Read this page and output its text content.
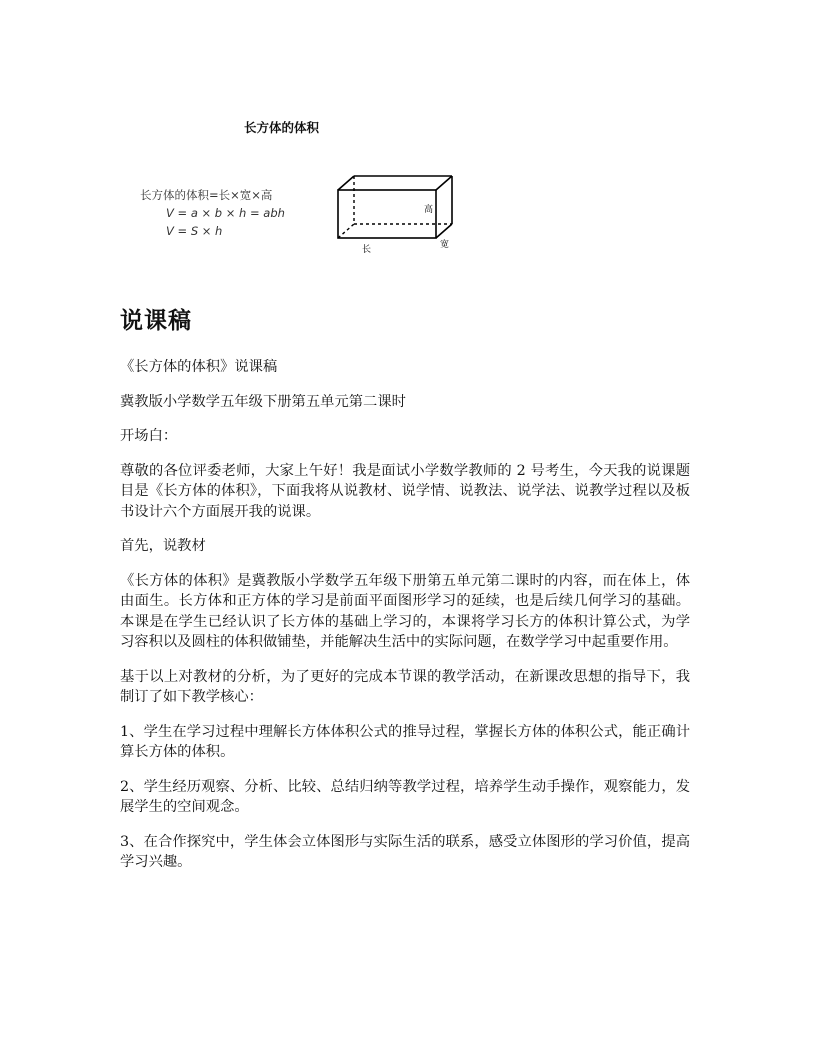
长方体的体积
长方体的体积=长×宽×高
V = a × b × h = abh
V = S × h
高
长	宽
说课稿

《长方体的体积》说课稿

冀教版小学数学五年级下册第五单元第二课时

开场白：

尊敬的各位评委老师，大家上午好！我是面试小学数学教师的 2 号考生，今天我的说课题目是《长方体的体积》，下面我将从说教材、说学情、说教法、说学法、说教学过程以及板书设计六个方面展开我的说课。

首先，说教材

《长方体的体积》是冀教版小学数学五年级下册第五单元第二课时的内容，而在体上，体由面生。长方体和正方体的学习是前面平面图形学习的延续，也是后续几何学习的基础。本课是在学生已经认识了长方体的基础上学习的，本课将学习长方的体积计算公式，为学习容积以及圆柱的体积做铺垫，并能解决生活中的实际问题，在数学学习中起重要作用。

基于以上对教材的分析，为了更好的完成本节课的教学活动，在新课改思想的指导下，我制订了如下教学核心：

1、学生在学习过程中理解长方体体积公式的推导过程，掌握长方体的体积公式，能正确计算长方体的体积。

2、学生经历观察、分析、比较、总结归纳等教学过程，培养学生动手操作，观察能力，发展学生的空间观念。

3、在合作探究中，学生体会立体图形与实际生活的联系，感受立体图形的学习价值，提高学习兴趣。
